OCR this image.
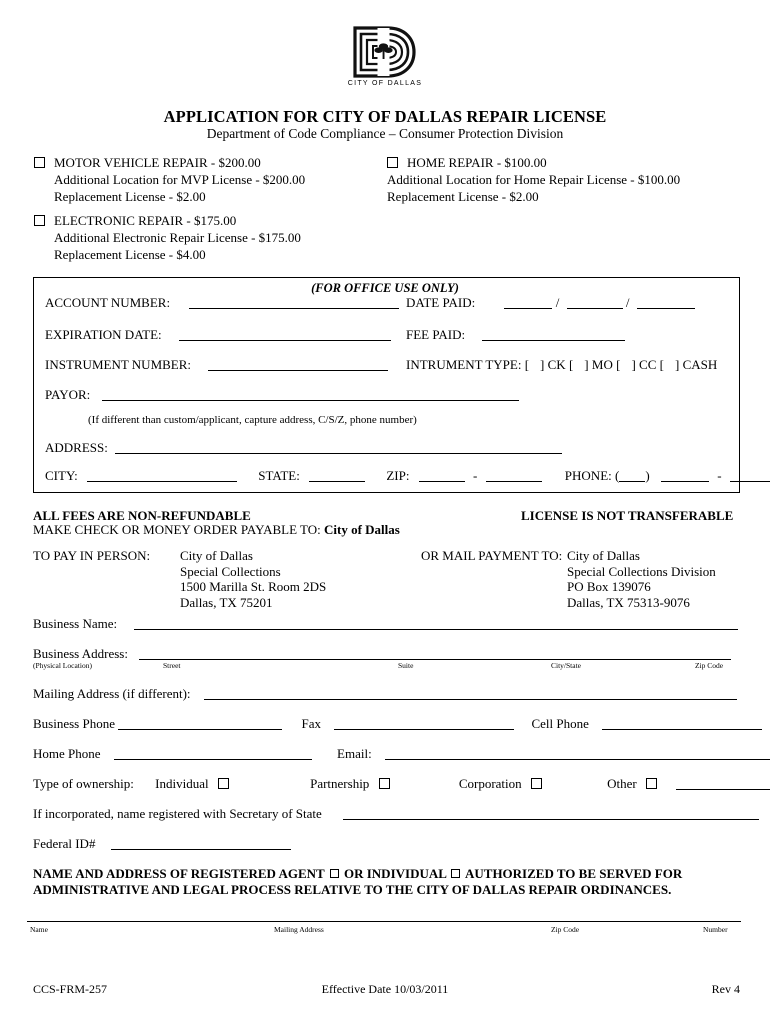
CITY OF DALLAS
APPLICATION FOR CITY OF DALLAS REPAIR LICENSE
Department of Code Compliance – Consumer Protection Division
MOTOR VEHICLE REPAIR - $200.00
Additional Location for MVP License - $200.00
Replacement License - $2.00
ELECTRONIC REPAIR - $175.00
Additional Electronic Repair License - $175.00
Replacement License - $4.00
HOME REPAIR - $100.00
Additional Location for Home Repair License - $100.00
Replacement License - $2.00
(FOR OFFICE USE ONLY)
ACCOUNT NUMBER:	DATE PAID:	/	/
EXPIRATION DATE:	FEE PAID:
INSTRUMENT NUMBER:	INTRUMENT TYPE: [ ] CK [ ] MO [ ] CC [ ] CASH
PAYOR:
(If different than custom/applicant, capture address, C/S/Z, phone number)
ADDRESS:
CITY:	STATE:	ZIP:	-	PHONE: ( )	-
ALL FEES ARE NON-REFUNDABLE	LICENSE IS NOT TRANSFERABLE
MAKE CHECK OR MONEY ORDER PAYABLE TO: City of Dallas
TO PAY IN PERSON: City of Dallas
Special Collections
1500 Marilla St. Room 2DS
Dallas, TX 75201
OR MAIL PAYMENT TO: City of Dallas
Special Collections Division
PO Box 139076
Dallas, TX 75313-9076
Business Name:
Business Address:
(Physical Location)	Street	Suite	City/State	Zip Code
Mailing Address (if different):
Business Phone	Fax	Cell Phone
Home Phone	Email:
Type of ownership: Individual	Partnership	Corporation	Other
If incorporated, name registered with Secretary of State
Federal ID#
NAME AND ADDRESS OF REGISTERED AGENT OR INDIVIDUAL AUTHORIZED TO BE SERVED FOR
ADMINISTRATIVE AND LEGAL PROCESS RELATIVE TO THE CITY OF DALLAS REPAIR ORDINANCES.
Name	Mailing Address	Zip Code	Number
CCS-FRM-257	Effective Date 10/03/2011	Rev 4
